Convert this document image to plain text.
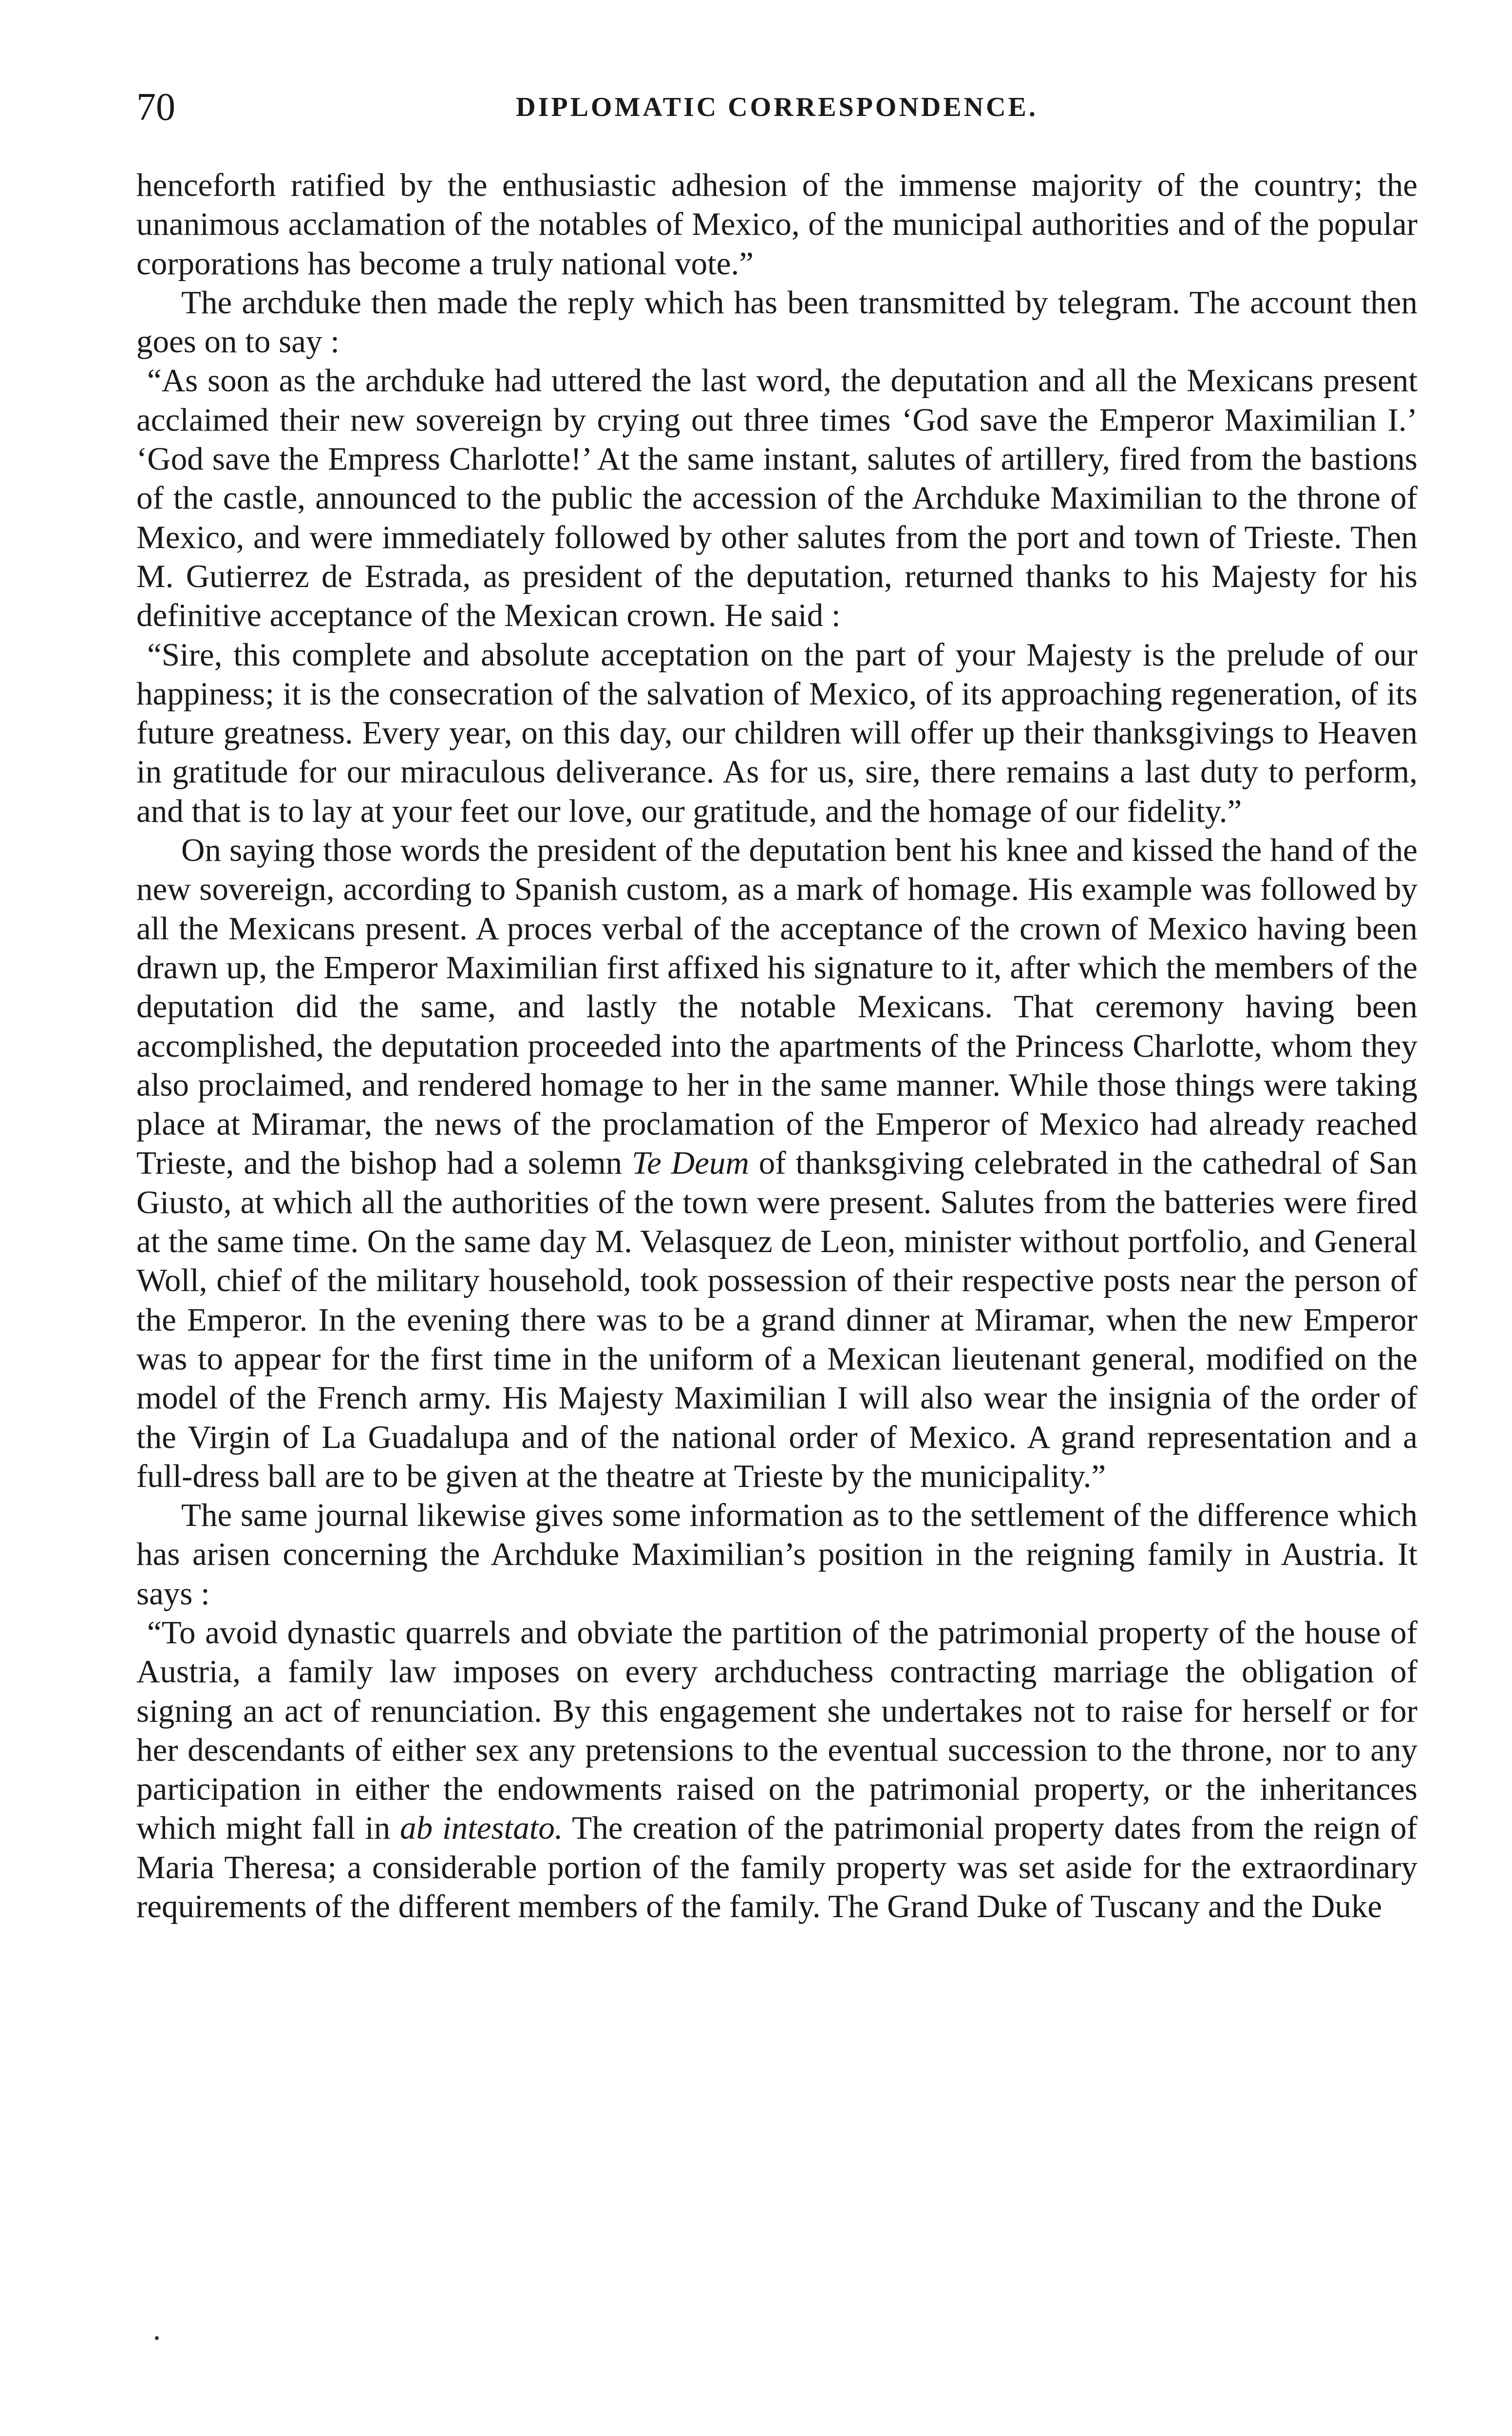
70	DIPLOMATIC CORRESPONDENCE.

henceforth ratified by the enthusiastic adhesion of the immense majority of the country; the unanimous acclamation of the notables of Mexico, of the municipal authorities and of the popular corporations has become a truly national vote.”

The archduke then made the reply which has been transmitted by telegram. The account then goes on to say :

“As soon as the archduke had uttered the last word, the deputation and all the Mexicans present acclaimed their new sovereign by crying out three times ‘God save the Emperor Maximilian I.’ ‘God save the Empress Charlotte!’ At the same instant, salutes of artillery, fired from the bastions of the castle, announced to the public the accession of the Archduke Maximilian to the throne of Mexico, and were immediately followed by other salutes from the port and town of Trieste. Then M. Gutierrez de Estrada, as president of the deputation, returned thanks to his Majesty for his definitive acceptance of the Mexican crown. He said :

“Sire, this complete and absolute acceptation on the part of your Majesty is the prelude of our happiness; it is the consecration of the salvation of Mexico, of its approaching regeneration, of its future greatness. Every year, on this day, our children will offer up their thanksgivings to Heaven in gratitude for our miraculous deliverance. As for us, sire, there remains a last duty to perform, and that is to lay at your feet our love, our gratitude, and the homage of our fidelity.”

On saying those words the president of the deputation bent his knee and kissed the hand of the new sovereign, according to Spanish custom, as a mark of homage. His example was followed by all the Mexicans present. A proces verbal of the acceptance of the crown of Mexico having been drawn up, the Emperor Maximilian first affixed his signature to it, after which the members of the deputation did the same, and lastly the notable Mexicans. That ceremony having been accomplished, the deputation proceeded into the apartments of the Princess Charlotte, whom they also proclaimed, and rendered homage to her in the same manner. While those things were taking place at Miramar, the news of the proclamation of the Emperor of Mexico had already reached Trieste, and the bishop had a solemn Te Deum of thanksgiving celebrated in the cathedral of San Giusto, at which all the authorities of the town were present. Salutes from the batteries were fired at the same time. On the same day M. Velasquez de Leon, minister without portfolio, and General Woll, chief of the military household, took possession of their respective posts near the person of the Emperor. In the evening there was to be a grand dinner at Miramar, when the new Emperor was to appear for the first time in the uniform of a Mexican lieutenant general, modified on the model of the French army. His Majesty Maximilian I will also wear the insignia of the order of the Virgin of La Guadalupa and of the national order of Mexico. A grand representation and a full-dress ball are to be given at the theatre at Trieste by the municipality.”

The same journal likewise gives some information as to the settlement of the difference which has arisen concerning the Archduke Maximilian’s position in the reigning family in Austria. It says :

“To avoid dynastic quarrels and obviate the partition of the patrimonial property of the house of Austria, a family law imposes on every archduchess contracting marriage the obligation of signing an act of renunciation. By this engagement she undertakes not to raise for herself or for her descendants of either sex any pretensions to the eventual succession to the throne, nor to any participation in either the endowments raised on the patrimonial property, or the inheritances which might fall in ab intestato. The creation of the patrimonial property dates from the reign of Maria Theresa; a considerable portion of the family property was set aside for the extraordinary requirements of the different members of the family. The Grand Duke of Tuscany and the Duke
